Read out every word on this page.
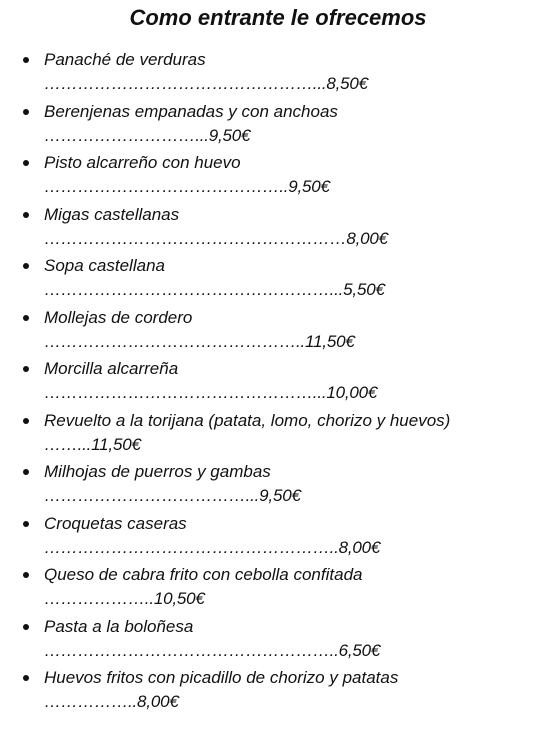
Como entrante le ofrecemos
Panaché de verduras
…………………………………………...8,50€
Berenjenas empanadas y con anchoas
………………………...9,50€
Pisto alcarreño con huevo
……………………………………..9,50€
Migas castellanas
………………………………………………8,00€
Sopa castellana
……………………………………………...5,50€
Mollejas de cordero
………………………………………..11,50€
Morcilla alcarreña
…………………………………………...10,00€
Revuelto a la torijana (patata, lomo, chorizo y huevos)
……...11,50€
Milhojas de puerros y gambas
………………………………...9,50€
Croquetas caseras
……………………………………………..8,00€
Queso de cabra frito con cebolla confitada
………………..10,50€
Pasta a la boloñesa
……………………………………………..6,50€
Huevos fritos con picadillo de chorizo y patatas
……………..8,00€
